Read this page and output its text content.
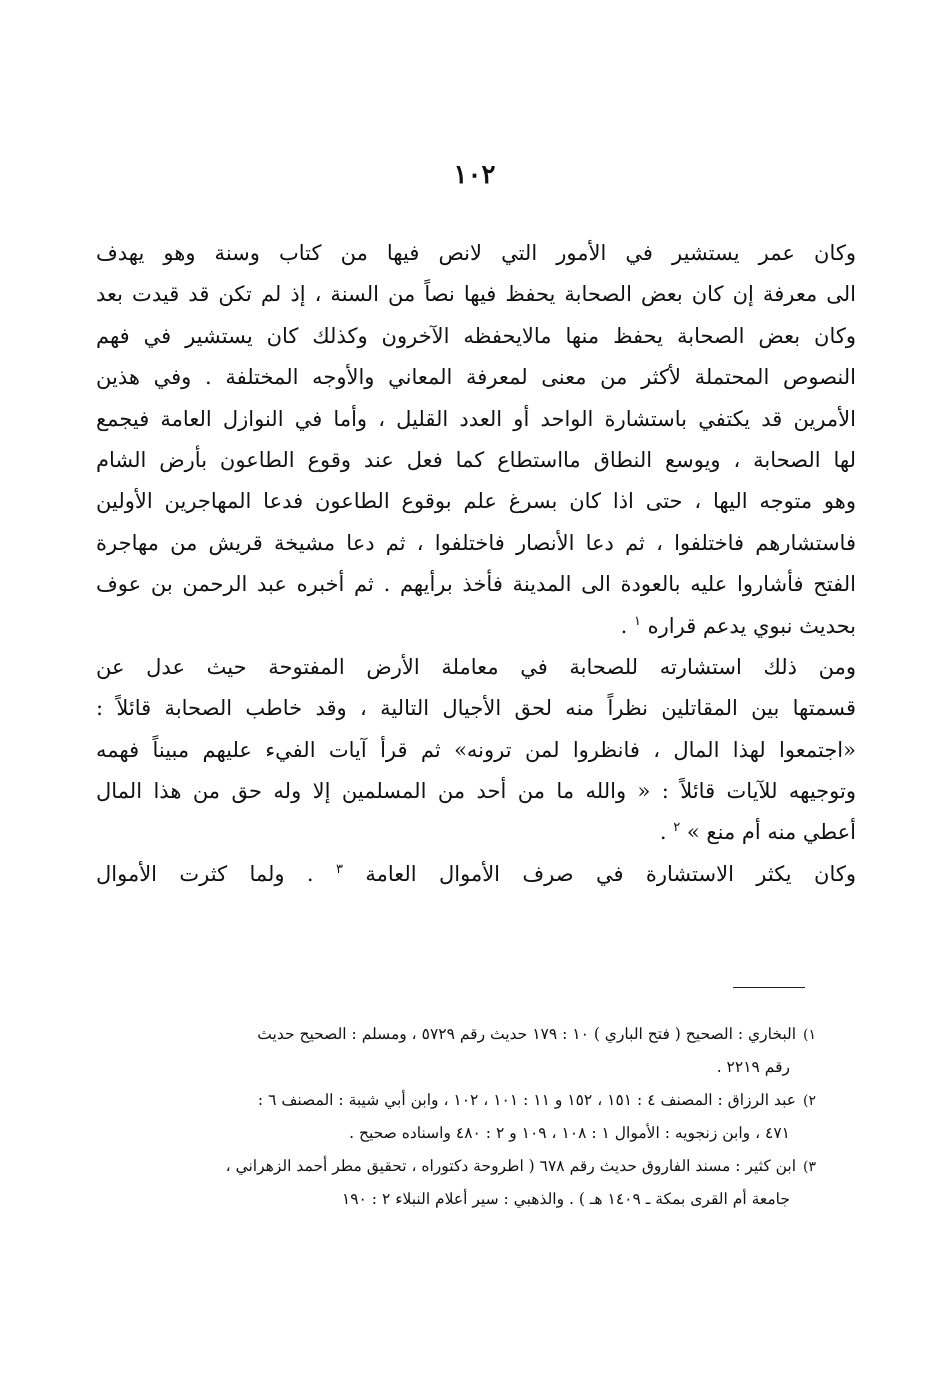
١٠٢
وكان عمر يستشير في الأمور التي لانص فيها من كتاب وسنة وهو يهدف
الى معرفة إن كان بعض الصحابة يحفظ فيها نصاً من السنة ، إذ لم تكن قد قيدت بعد
وكان بعض الصحابة يحفظ منها مالايحفظه الآخرون وكذلك كان يستشير في فهم
النصوص المحتملة لأكثر من معنى لمعرفة المعاني والأوجه المختلفة . وفي هذين
الأمرين قد يكتفي باستشارة الواحد أو العدد القليل ، وأما في النوازل العامة فيجمع
لها الصحابة ، ويوسع النطاق مااستطاع كما فعل عند وقوع الطاعون بأرض الشام
وهو متوجه اليها ، حتى اذا كان بسرغ علم بوقوع الطاعون فدعا المهاجرين الأولين
فاستشارهم فاختلفوا ، ثم دعا الأنصار فاختلفوا ، ثم دعا مشيخة قريش من مهاجرة
الفتح فأشاروا عليه بالعودة الى المدينة فأخذ برأيهم . ثم أخبره عبد الرحمن بن عوف
بحديث نبوي يدعم قراره $^١$ .
ومن ذلك استشارته للصحابة في معاملة الأرض المفتوحة حيث عدل عن
قسمتها بين المقاتلين نظراً منه لحق الأجيال التالية ، وقد خاطب الصحابة قائلاً :
«اجتمعوا لهذا المال ، فانظروا لمن ترونه» ثم قرأ آيات الفيء عليهم مبيناً فهمه
وتوجيهه للآيات قائلاً : « والله ما من أحد من المسلمين إلا وله حق من هذا المال
أعطي منه أم منع » $^٢$ .
وكان يكثر الاستشارة في صرف الأموال العامة $^٣$ . ولما كثرت الأموال
١) البخاري : الصحيح ( فتح الباري ) ١٠ : ١٧٩ حديث رقم ٥٧٢٩ ، ومسلم : الصحيح حديث
رقم ٢٢١٩ .
٢) عبد الرزاق : المصنف ٤ : ١٥١ ، ١٥٢ و ١١ : ١٠١ ، ١٠٢ ، وابن أبي شيبة : المصنف ٦ :
٤٧١ ، وابن زنجويه : الأموال ١ : ١٠٨ ، ١٠٩ و ٢ : ٤٨٠ واسناده صحيح .
٣) ابن كثير : مسند الفاروق حديث رقم ٦٧٨ ( اطروحة دكتوراه ، تحقيق مطر أحمد الزهراني ،
جامعة أم القرى بمكة ـ ١٤٠٩ هـ ) . والذهبي : سير أعلام النبلاء ٢ : ١٩٠
